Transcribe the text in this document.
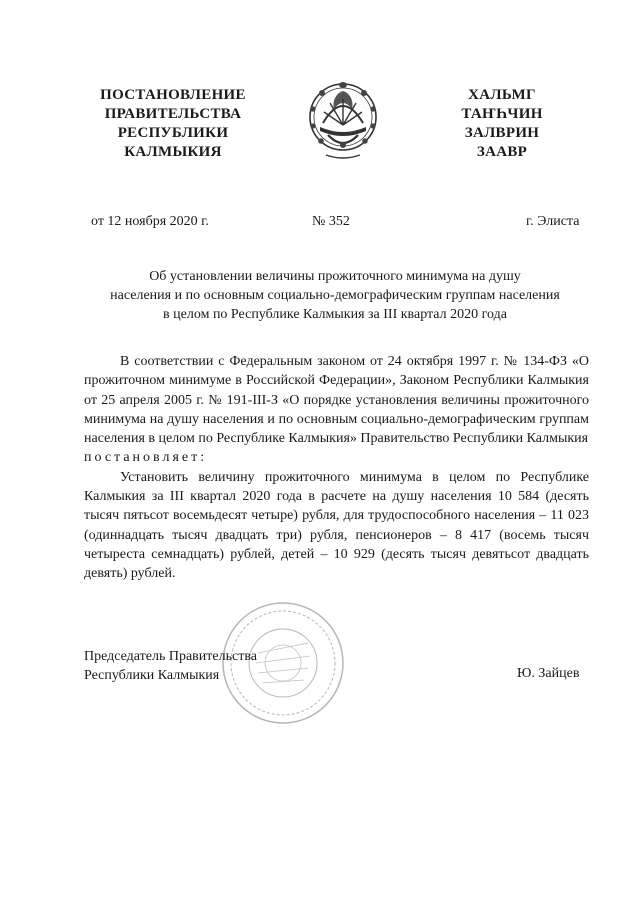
ПОСТАНОВЛЕНИЕ
ПРАВИТЕЛЬСТВА
РЕСПУБЛИКИ
КАЛМЫКИЯ
ХАЛЬМГ
ТАҤҺЧИН
ЗАЛВРИН
ЗААВР
от 12 ноября 2020 г.	№ 352	г. Элиста
Об установлении величины прожиточного минимума на душу
населения и по основным социально-демографическим группам населения
в целом по Республике Калмыкия за III квартал 2020 года

В соответствии с Федеральным законом от 24 октября 1997 г. № 134-ФЗ «О прожиточном минимуме в Российской Федерации», Законом Республики Калмыкия от 25 апреля 2005 г. № 191-III-З «О порядке установления величины прожиточного минимума на душу населения и по основным социально-демографическим группам населения в целом по Республике Калмыкия» Правительство Республики Калмыкия

постановляет:

Установить величину прожиточного минимума в целом по Республике Калмыкия за III квартал 2020 года в расчете на душу населения 10 584 (десять тысяч пятьсот восемьдесят четыре) рубля, для трудоспособного населения – 11 023 (одиннадцать тысяч двадцать три) рубля, пенсионеров – 8 417 (восемь тысяч четыреста семнадцать) рублей, детей – 10 929 (десять тысяч девятьсот двадцать девять) рублей.

Председатель Правительства
Республики Калмыкия	Ю. Зайцев
